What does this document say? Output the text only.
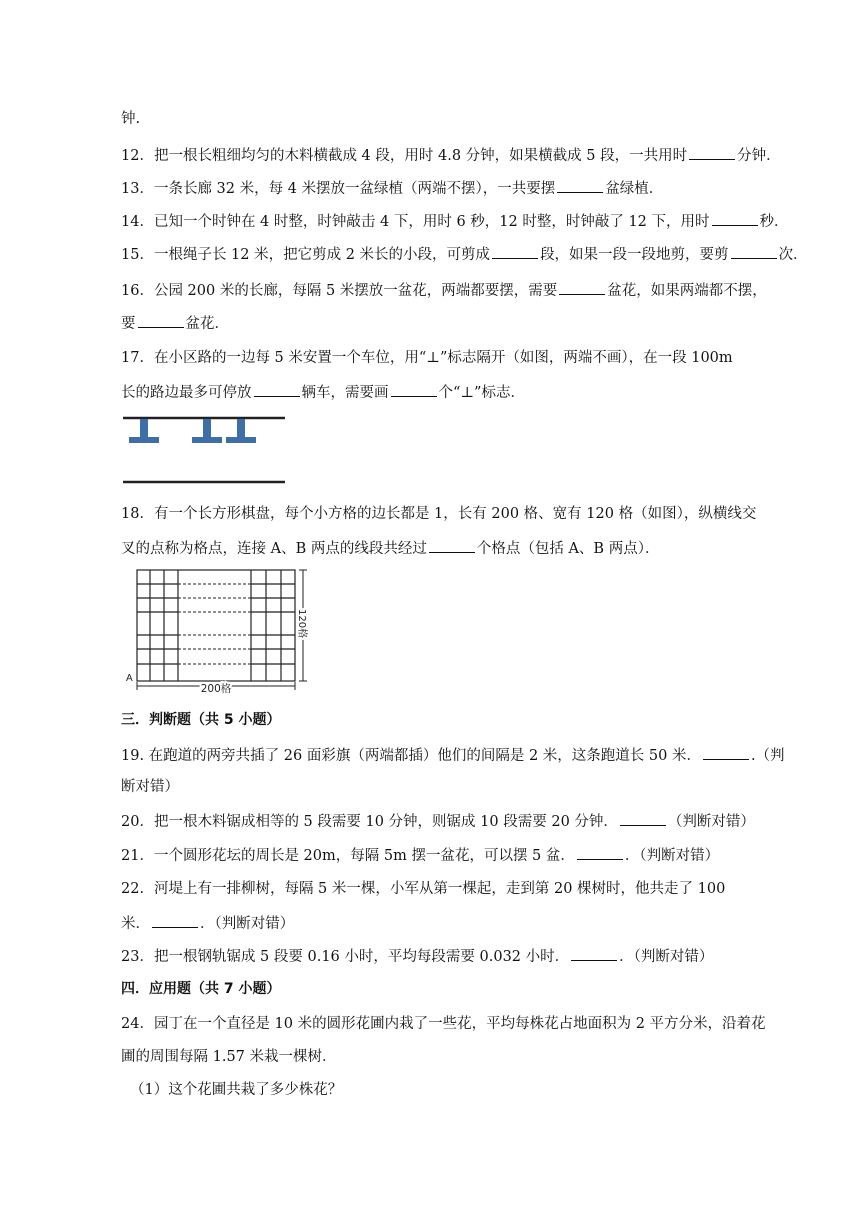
钟.
12．把一根长粗细均匀的木料横截成 4 段，用时 4.8 分钟，如果横截成 5 段，一共用时	分钟．
13．一条长廊 32 米，每 4 米摆放一盆绿植（两端不摆），一共要摆	盆绿植．
14．已知一个时钟在 4 时整，时钟敲击 4 下，用时 6 秒，12 时整，时钟敲了 12 下，用时	秒．
15．一根绳子长 12 米，把它剪成 2 米长的小段，可剪成	段，如果一段一段地剪，要剪	次．
16．公园 200 米的长廊，每隔 5 米摆放一盆花，两端都要摆，需要	盆花，如果两端都不摆，
要	盆花．
17．在小区路的一边每 5 米安置一个车位，用“⊥”标志隔开（如图，两端不画），在一段 100m
长的路边最多可停放	辆车，需要画	个“⊥”标志．
18．有一个长方形棋盘，每个小方格的边长都是 1，长有 200 格、宽有 120 格（如图），纵横线交
叉的点称为格点，连接 A、B 两点的线段共经过	个格点（包括 A、B 两点）．
A
200格
120格
三．判断题（共 5 小题）
19. 在跑道的两旁共插了 26 面彩旗（两端都插）他们的间隔是 2 米，这条跑道长 50 米．	.（判
断对错）
20．把一根木料锯成相等的 5 段需要 10 分钟，则锯成 10 段需要 20 分钟．	（判断对错）
21．一个圆形花坛的周长是 20m，每隔 5m 摆一盆花，可以摆 5 盆．	．（判断对错）
22．河堤上有一排柳树，每隔 5 米一棵，小军从第一棵起，走到第 20 棵树时，他共走了 100
米．	．（判断对错）
23．把一根钢轨锯成 5 段要 0.16 小时，平均每段需要 0.032 小时．	．（判断对错）
四．应用题（共 7 小题）
24．园丁在一个直径是 10 米的圆形花圃内栽了一些花，平均每株花占地面积为 2 平方分米，沿着花
圃的周围每隔 1.57 米栽一棵树．
（1）这个花圃共栽了多少株花？
